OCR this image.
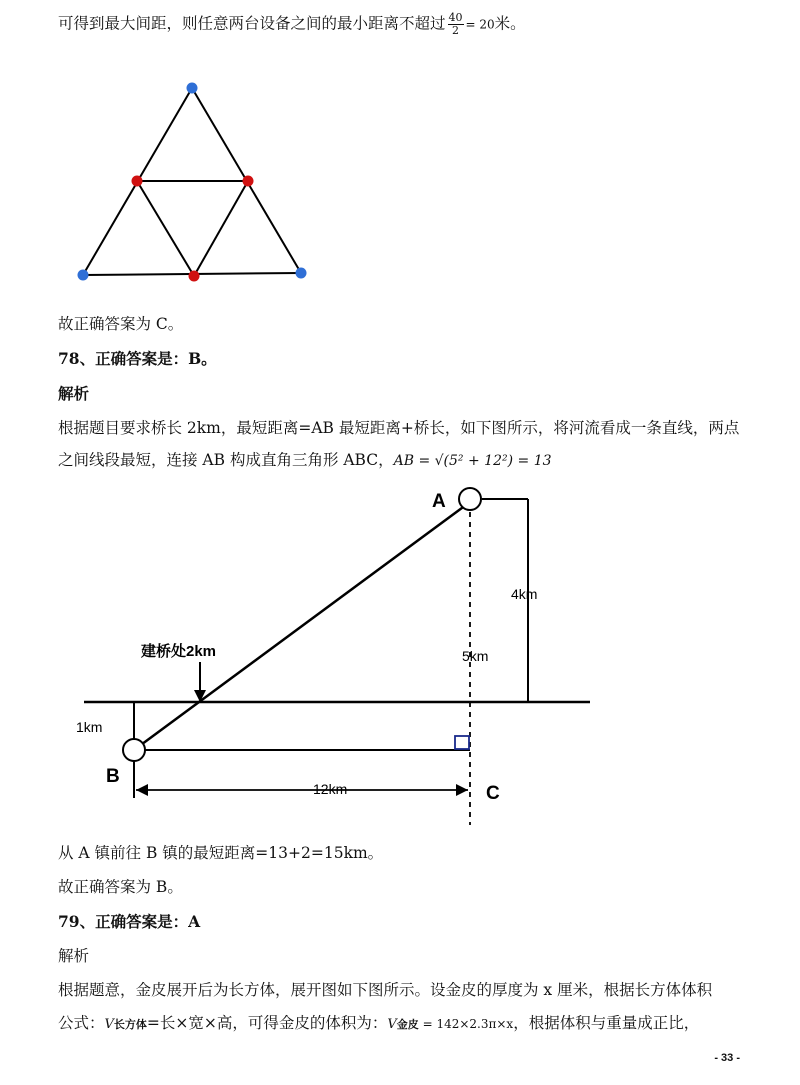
可得到最大间距，则任意两台设备之间的最小距离不超过 $\frac{40}{2} = 20$米。
故正确答案为 C。
78、正确答案是：B。
解析
根据题目要求桥长 2km，最短距离=AB 最短距离+桥长，如下图所示，将河流看成一条直线，两点
之间线段最短，连接 AB 构成直角三角形 ABC，AB = √(5² + 12²) = 13
A
B
C
4km
5km
1km
12km
建桥处2km
从 A 镇前往 B 镇的最短距离=13+2=15km。
故正确答案为 B。
79、正确答案是：A
解析
根据题意，金皮展开后为长方体，展开图如下图所示。设金皮的厚度为 x 厘米，根据长方体体积
公式：V长方体=长×宽×高，可得金皮的体积为：V金皮 = 142×2.3π×x，根据体积与重量成正比，
- 33 -
